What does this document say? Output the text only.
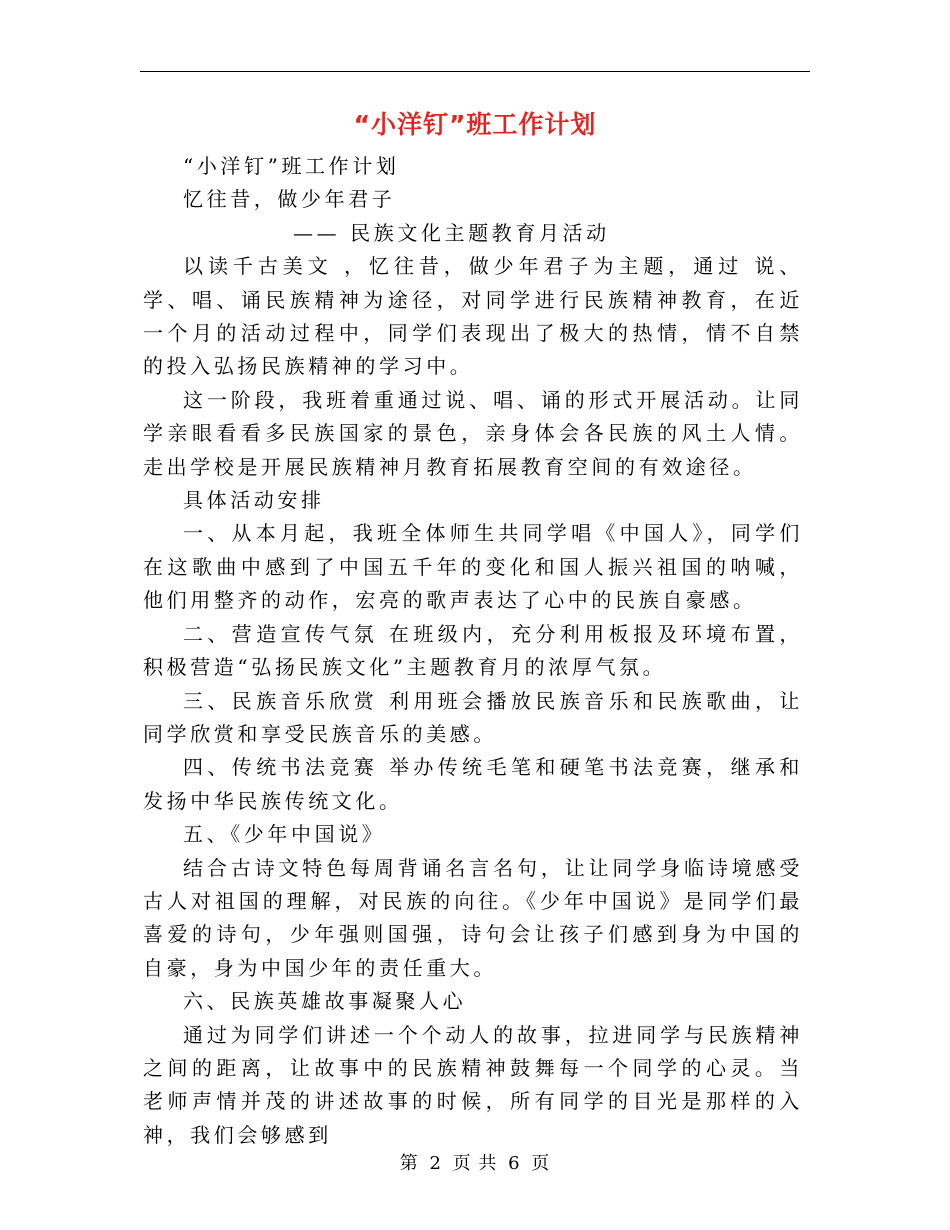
“小洋钉”班工作计划

“小洋钉”班工作计划

忆往昔，做少年君子

—— 民族文化主题教育月活动

以读千古美文 ，忆往昔，做少年君子为主题，通过 说、学、唱、诵民族精神为途径，对同学进行民族精神教育，在近一个月的活动过程中，同学们表现出了极大的热情，情不自禁的投入弘扬民族精神的学习中。

这一阶段，我班着重通过说、唱、诵的形式开展活动。让同学亲眼看看多民族国家的景色，亲身体会各民族的风土人情。走出学校是开展民族精神月教育拓展教育空间的有效途径。

具体活动安排

一、从本月起，我班全体师生共同学唱《中国人》，同学们在这歌曲中感到了中国五千年的变化和国人振兴祖国的呐喊，他们用整齐的动作，宏亮的歌声表达了心中的民族自豪感。

二、营造宣传气氛 在班级内，充分利用板报及环境布置，积极营造“弘扬民族文化”主题教育月的浓厚气氛。

三、民族音乐欣赏 利用班会播放民族音乐和民族歌曲，让同学欣赏和享受民族音乐的美感。

四、传统书法竞赛 举办传统毛笔和硬笔书法竞赛，继承和发扬中华民族传统文化。

五、《少年中国说》

结合古诗文特色每周背诵名言名句，让让同学身临诗境感受古人对祖国的理解，对民族的向往。《少年中国说》是同学们最喜爱的诗句，少年强则国强，诗句会让孩子们感到身为中国的自豪，身为中国少年的责任重大。

六、民族英雄故事凝聚人心

通过为同学们讲述一个个动人的故事，拉进同学与民族精神之间的距离，让故事中的民族精神鼓舞每一个同学的心灵。当老师声情并茂的讲述故事的时候，所有同学的目光是那样的入神，我们会够感到

第 2 页 共 6 页
